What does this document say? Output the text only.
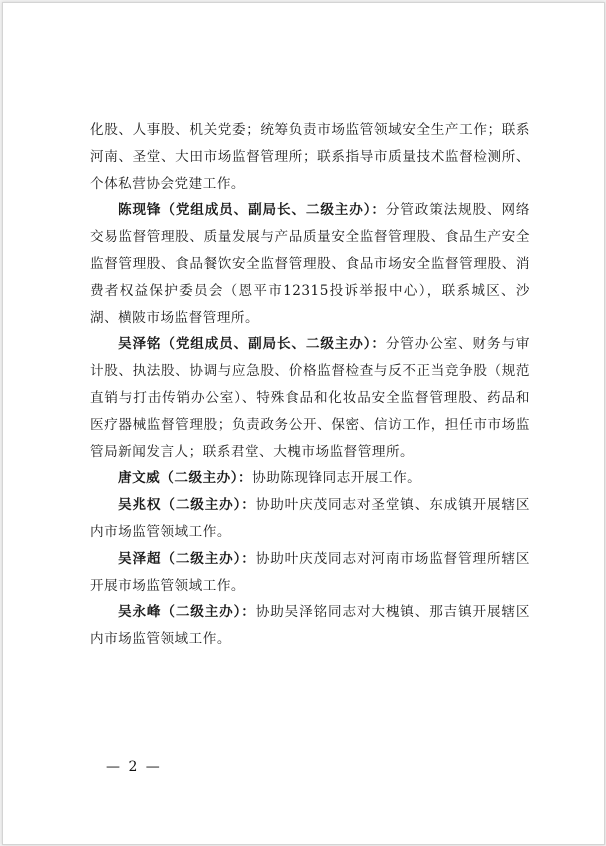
化股、人事股、机关党委；统筹负责市场监管领域安全生产工作；联系河南、圣堂、大田市场监督管理所；联系指导市质量技术监督检测所、个体私营协会党建工作。

陈现锋（党组成员、副局长、二级主办）：分管政策法规股、网络交易监督管理股、质量发展与产品质量安全监督管理股、食品生产安全监督管理股、食品餐饮安全监督管理股、食品市场安全监督管理股、消费者权益保护委员会（恩平市12315投诉举报中心），联系城区、沙湖、横陂市场监督管理所。

吴泽铭（党组成员、副局长、二级主办）：分管办公室、财务与审计股、执法股、协调与应急股、价格监督检查与反不正当竞争股（规范直销与打击传销办公室）、特殊食品和化妆品安全监督管理股、药品和医疗器械监督管理股；负责政务公开、保密、信访工作，担任市市场监管局新闻发言人；联系君堂、大槐市场监督管理所。

唐文威（二级主办）：协助陈现锋同志开展工作。

吴兆权（二级主办）：协助叶庆茂同志对圣堂镇、东成镇开展辖区内市场监管领域工作。

吴泽超（二级主办）：协助叶庆茂同志对河南市场监督管理所辖区开展市场监管领域工作。

吴永峰（二级主办）：协助吴泽铭同志对大槐镇、那吉镇开展辖区内市场监管领域工作。

— 2 —
